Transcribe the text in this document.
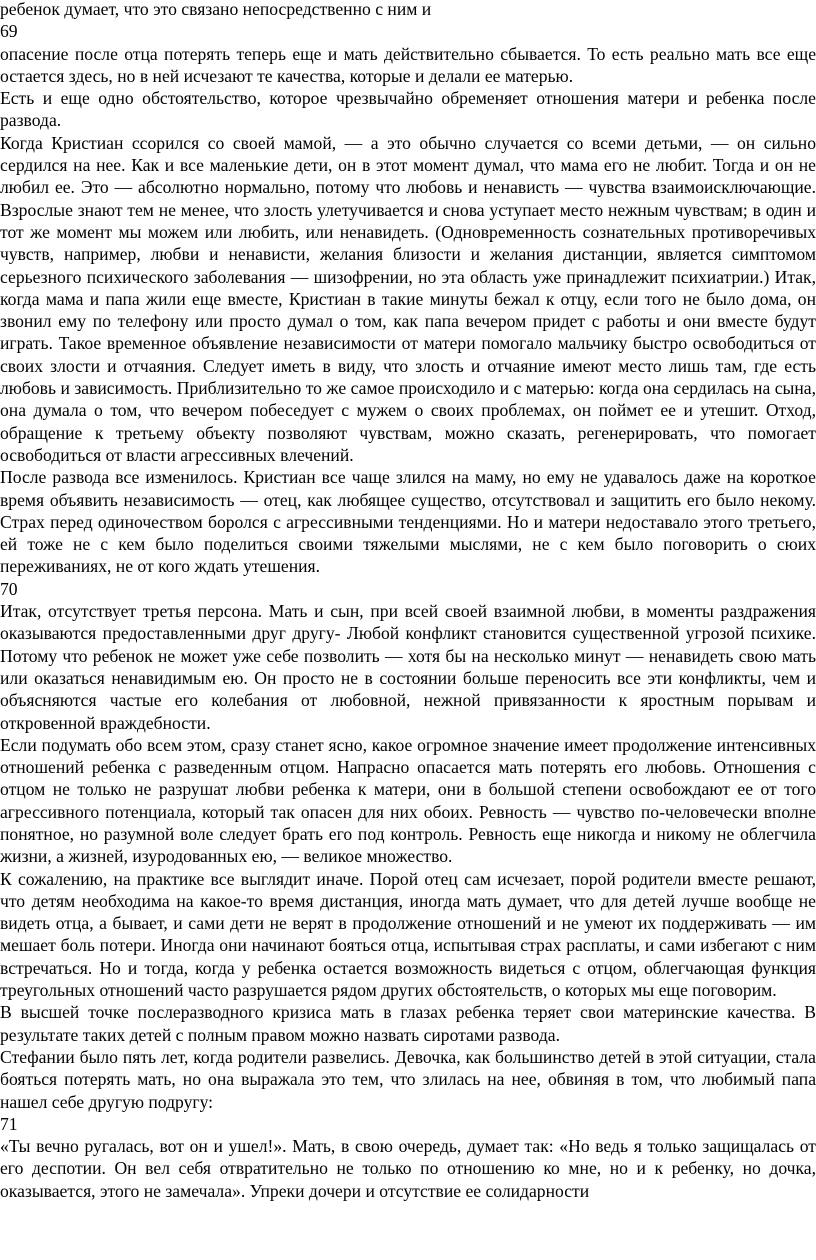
ребенок думает, что это связано непосредственно с ним и
69

опасение после отца потерять теперь еще и мать действительно сбывается. То есть реально мать все еще остается здесь, но в ней исчезают те качества, которые и делали ее матерью.

Есть и еще одно обстоятельство, которое чрезвычайно обременяет отношения матери и ребенка после развода.

Когда Кристиан ссорился со своей мамой, — а это обычно случается со всеми детьми, — он сильно сердился на нее. Как и все маленькие дети, он в этот момент думал, что мама его не любит. Тогда и он не любил ее. Это — абсолютно нормально, потому что любовь и ненависть — чувства взаимоисключающие. Взрослые знают тем не менее, что злость улетучивается и снова уступает место нежным чувствам; в один и тот же момент мы можем или любить, или ненавидеть. (Одновременность сознательных противоречивых чувств, например, любви и ненависти, желания близости и желания дистанции, является симптомом серьезного психического заболевания — шизофрении, но эта область уже принадлежит психиатрии.) Итак, когда мама и папа жили еще вместе, Кристиан в такие минуты бежал к отцу, если того не было дома, он звонил ему по телефону или просто думал о том, как папа вечером придет с работы и они вместе будут играть. Такое временное объявление независимости от матери помогало мальчику быстро освободиться от своих злости и отчаяния. Следует иметь в виду, что злость и отчаяние имеют место лишь там, где есть любовь и зависимость. Приблизительно то же самое происходило и с матерью: когда она сердилась на сына, она думала о том, что вечером побеседует с мужем о своих проблемах, он поймет ее и утешит. Отход, обращение к третьему объекту позволяют чувствам, можно сказать, регенерировать, что помогает освободиться от власти агрессивных влечений.

После развода все изменилось. Кристиан все чаще злился на маму, но ему не удавалось даже на короткое время объявить независимость — отец, как любящее существо, отсутствовал и защитить его было некому. Страх перед одиночеством боролся с агрессивными тенденциями. Но и матери недоставало этого третьего, ей тоже не с кем было поделиться своими тяжелыми мыслями, не с кем было поговорить о сюих переживаниях, не от кого ждать утешения.

70

Итак, отсутствует третья персона. Мать и сын, при всей своей взаимной любви, в моменты раздражения оказываются предоставленными друг другу- Любой конфликт становится существенной угрозой психике. Потому что ребенок не может уже себе позволить — хотя бы на несколько минут — ненавидеть свою мать или оказаться ненавидимым ею. Он просто не в состоянии больше переносить все эти конфликты, чем и объясняются частые его колебания от любовной, нежной привязанности к яростным порывам и откровенной враждебности.

Если подумать обо всем этом, сразу станет ясно, какое огромное значение имеет продолжение интенсивных отношений ребенка с разведенным отцом. Напрасно опасается мать потерять его любовь. Отношения с отцом не только не разрушат любви ребенка к матери, они в большой степени освобождают ее от того агрессивного потенциала, который так опасен для них обоих. Ревность — чувство по-человечески вполне понятное, но разумной воле следует брать его под контроль. Ревность еще никогда и никому не облегчила жизни, а жизней, изуродованных ею, — великое множество.

К сожалению, на практике все выглядит иначе. Порой отец сам исчезает, порой родители вместе решают, что детям необходима на какое-то время дистанция, иногда мать думает, что для детей лучше вообще не видеть отца, а бывает, и сами дети не верят в продолжение отношений и не умеют их поддерживать — им мешает боль потери. Иногда они начинают бояться отца, испытывая страх расплаты, и сами избегают с ним встречаться. Но и тогда, когда у ребенка остается возможность видеться с отцом, облегчающая функция треугольных отношений часто разрушается рядом других обстоятельств, о которых мы еще поговорим.

В высшей точке послеразводного кризиса мать в глазах ребенка теряет свои материнские качества. В результате таких детей с полным правом можно назвать сиротами развода.

Стефании было пять лет, когда родители развелись. Девочка, как большинство детей в этой ситуации, стала бояться потерять мать, но она выражала это тем, что злилась на нее, обвиняя в том, что любимый папа нашел себе другую подругу:

71

«Ты вечно ругалась, вот он и ушел!». Мать, в свою очередь, думает так: «Но ведь я только защищалась от его деспотии. Он вел себя отвратительно не только по отношению ко мне, но и к ребенку, но дочка, оказывается, этого не замечала». Упреки дочери и отсутствие ее солидарности
